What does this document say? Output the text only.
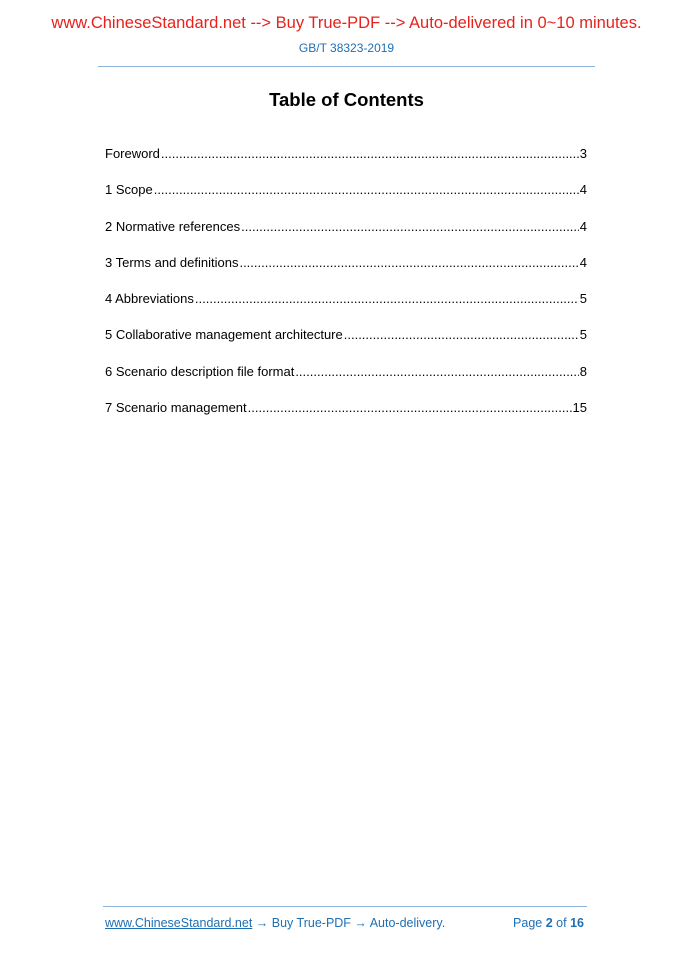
www.ChineseStandard.net --> Buy True-PDF --> Auto-delivered in 0~10 minutes.
GB/T 38323-2019
Table of Contents
Foreword .....	3
1 Scope .....	4
2 Normative references .....	4
3 Terms and definitions .....	4
4 Abbreviations .....	5
5 Collaborative management architecture .....	5
6 Scenario description file format .....	8
7 Scenario management .....	15
www.ChineseStandard.net → Buy True-PDF → Auto-delivery.	Page 2 of 16
